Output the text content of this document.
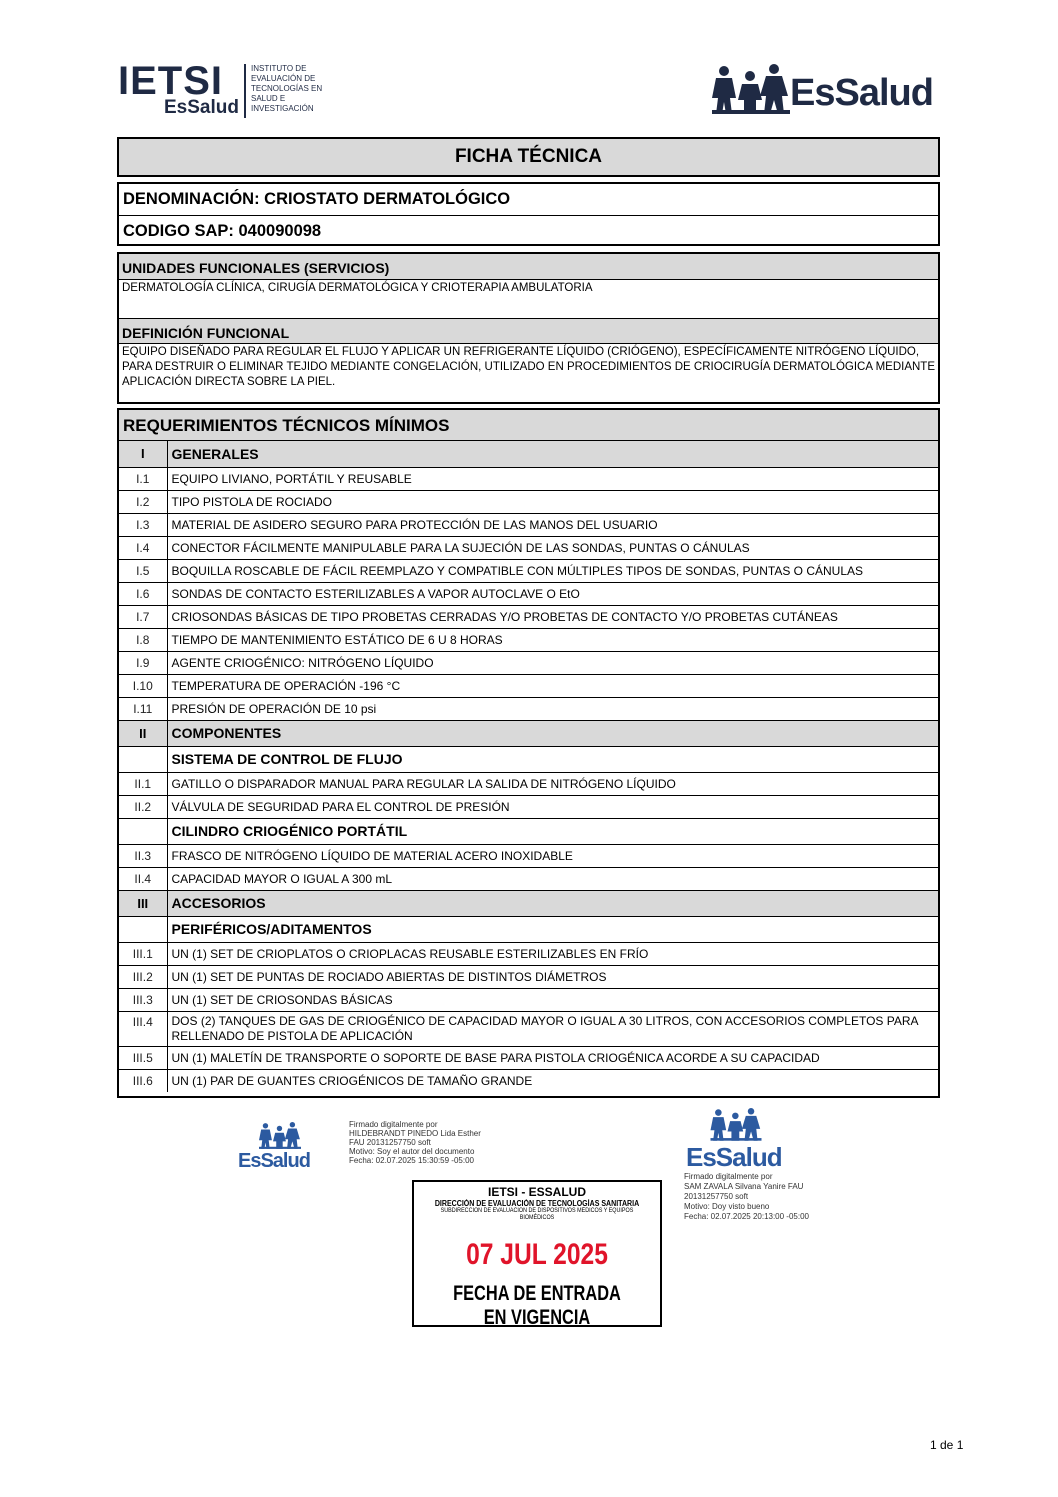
IETSI
EsSalud
INSTITUTO DE EVALUACIÓN DE TECNOLOGÍAS EN SALUD E INVESTIGACIÓN	EsSalud
FICHA TÉCNICA
DENOMINACIÓN: CRIOSTATO DERMATOLÓGICO
CODIGO SAP: 040090098
UNIDADES FUNCIONALES (SERVICIOS)
DERMATOLOGÍA CLÍNICA, CIRUGÍA DERMATOLÓGICA Y CRIOTERAPIA AMBULATORIA
DEFINICIÓN FUNCIONAL
EQUIPO DISEÑADO PARA REGULAR EL FLUJO Y APLICAR UN REFRIGERANTE LÍQUIDO (CRIÓGENO), ESPECÍFICAMENTE NITRÓGENO LÍQUIDO, PARA DESTRUIR O ELIMINAR TEJIDO MEDIANTE CONGELACIÓN, UTILIZADO EN PROCEDIMIENTOS DE CRIOCIRUGÍA DERMATOLÓGICA MEDIANTE APLICACIÓN DIRECTA SOBRE LA PIEL.
REQUERIMIENTOS TÉCNICOS MÍNIMOS
I	GENERALES
I.1	EQUIPO LIVIANO, PORTÁTIL Y REUSABLE
I.2	TIPO PISTOLA DE ROCIADO
I.3	MATERIAL DE ASIDERO SEGURO PARA PROTECCIÓN DE LAS MANOS DEL USUARIO
I.4	CONECTOR FÁCILMENTE MANIPULABLE PARA LA SUJECIÓN DE LAS SONDAS, PUNTAS O CÁNULAS
I.5	BOQUILLA ROSCABLE DE FÁCIL REEMPLAZO Y COMPATIBLE CON MÚLTIPLES TIPOS DE SONDAS, PUNTAS O CÁNULAS
I.6	SONDAS DE CONTACTO ESTERILIZABLES A VAPOR AUTOCLAVE O EtO
I.7	CRIOSONDAS BÁSICAS DE TIPO PROBETAS CERRADAS Y/O PROBETAS DE CONTACTO Y/O PROBETAS CUTÁNEAS
I.8	TIEMPO DE MANTENIMIENTO ESTÁTICO DE 6 U 8 HORAS
I.9	AGENTE CRIOGÉNICO: NITRÓGENO LÍQUIDO
I.10	TEMPERATURA DE OPERACIÓN -196 °C
I.11	PRESIÓN DE OPERACIÓN DE 10 psi
II	COMPONENTES
	SISTEMA DE CONTROL DE FLUJO
II.1	GATILLO O DISPARADOR MANUAL PARA REGULAR LA SALIDA DE NITRÓGENO LÍQUIDO
II.2	VÁLVULA DE SEGURIDAD PARA EL CONTROL DE PRESIÓN
	CILINDRO CRIOGÉNICO PORTÁTIL
II.3	FRASCO DE NITRÓGENO LÍQUIDO DE MATERIAL ACERO INOXIDABLE
II.4	CAPACIDAD MAYOR O IGUAL A 300 mL
III	ACCESORIOS
	PERIFÉRICOS/ADITAMENTOS
III.1	UN (1) SET DE CRIOPLATOS O CRIOPLACAS REUSABLE ESTERILIZABLES EN FRÍO
III.2	UN (1) SET DE PUNTAS DE ROCIADO ABIERTAS DE DISTINTOS DIÁMETROS
III.3	UN (1) SET DE CRIOSONDAS BÁSICAS
III.4	DOS (2) TANQUES DE GAS DE CRIOGÉNICO DE CAPACIDAD MAYOR O IGUAL A 30 LITROS, CON ACCESORIOS COMPLETOS PARA RELLENADO DE PISTOLA DE APLICACIÓN
III.5	UN (1) MALETÍN DE TRANSPORTE O SOPORTE DE BASE PARA PISTOLA CRIOGÉNICA ACORDE A SU CAPACIDAD
III.6	UN (1) PAR DE GUANTES CRIOGÉNICOS DE TAMAÑO GRANDE
EsSalud
Firmado digitalmente por
HILDEBRANDT PINEDO Lida Esther
FAU 20131257750 soft
Motivo: Soy el autor del documento
Fecha: 02.07.2025 15:30:59 -05:00	EsSalud
Firmado digitalmente por
SAM ZAVALA Silvana Yanire FAU
20131257750 soft
Motivo: Doy visto bueno
Fecha: 02.07.2025 20:13:00 -05:00
IETSI - ESSALUD
DIRECCIÓN DE EVALUACIÓN DE TECNOLOGÍAS SANITARIA
SUBDIRECCIÓN DE EVALUACIÓN DE DISPOSITIVOS MÉDICOS Y EQUIPOS BIOMÉDICOS
07 JUL 2025
FECHA DE ENTRADA EN VIGENCIA
1 de 1
